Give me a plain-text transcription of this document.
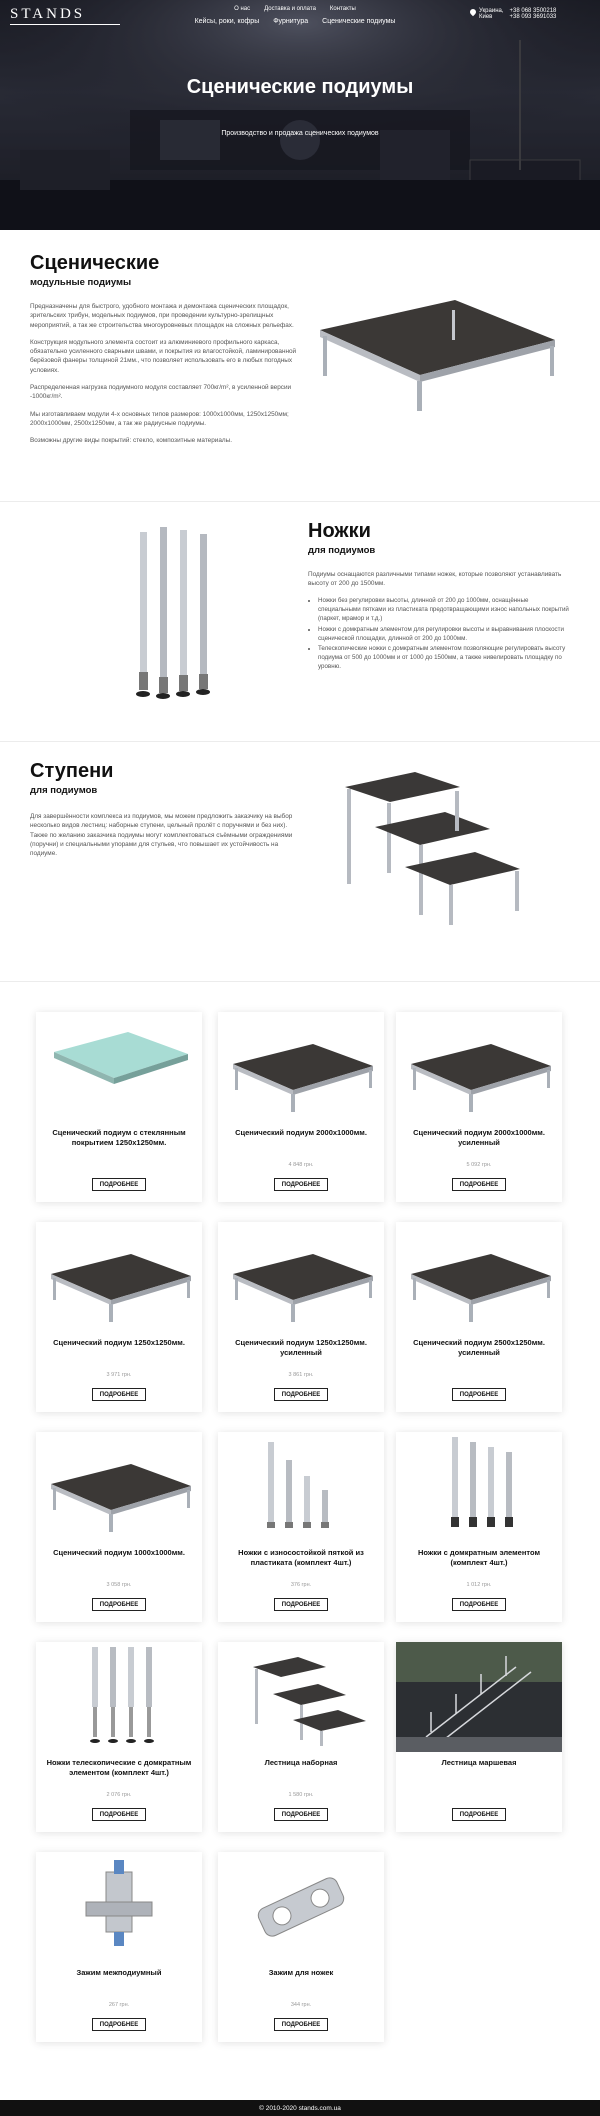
STANDS	О нас Доставка и оплата Контакты
Кейсы, роки, кофры Фурнитура Сценические подиумы
Украина,
Киев
+38 068 3500218
+38 093 3691033
Сценические подиумы
Производство и продажа сценических подиумов
Сценические
модульные подиумы

Предназначены для быстрого, удобного монтажа и демонтажа сценических площадок, зрительских трибун, модельных подиумов, при проведении культурно-зрелищных мероприятий, а так же строительства многоуровневых площадок на сложных рельефах.

Конструкция модульного элемента состоит из алюминиевого профильного каркаса, обязательно усиленного сварными швами, и покрытия из влагостойкой, ламинированной берёзовой фанеры толщиной 21мм., что позволяет использовать его в любых погодных условиях.

Распределенная нагрузка подиумного модуля составляет 700кг/m², в усиленной версии -1000кг/m².

Мы изготавливаем модули 4-х основных типов размеров: 1000х1000мм, 1250х1250мм; 2000х1000мм, 2500х1250мм, а так же радиусные подиумы.

Возможны другие виды покрытий: стекло, композитные материалы.

Ножки
для подиумов

Подиумы оснащаются различными типами ножек, которые позволяют устанавливать высоту от 200 до 1500мм.

• Ножки без регулировки высоты, длинной от 200 до 1000мм, оснащённые специальными пятками из пластиката предотвращающими износ напольных покрытий (паркет, мрамор и т.д.)
• Ножки с домкратным элементом для регулировки высоты и выравнивания плоскости сценической площадки, длинной от 200 до 1000мм.
• Телескопические ножки с домкратным элементом позволяющие регулировать высоту подиума от 500 до 1000мм и от 1000 до 1500мм, а также нивелировать площадку по уровню.
Ступени
для подиумов

Для завершённости комплекса из подиумов, мы можем предложить заказчику на выбор несколько видов лестниц: наборные ступени, цельный пролёт с поручнями и без них). Также по желанию заказчика подиумы могут комплектоваться съёмными ограждениями (поручни) и специальными упорами для стульев, что повышает их устойчивость на подиуме.

Сценический подиум с стеклянным покрытием 1250х1250мм.
ПОДРОБНЕЕ
Сценический подиум 2000х1000мм.
4 848 грн.
ПОДРОБНЕЕ
Сценический подиум 2000х1000мм. усиленный
5 092 грн.
ПОДРОБНЕЕ
Сценический подиум 1250х1250мм.
3 971 грн.
ПОДРОБНЕЕ
Сценический подиум 1250х1250мм. усиленный
3 861 грн.
ПОДРОБНЕЕ
Сценический подиум 2500х1250мм. усиленный
ПОДРОБНЕЕ
Сценический подиум 1000х1000мм.
3 058 грн.
ПОДРОБНЕЕ
Ножки с износостойкой пяткой из пластиката (комплект 4шт.)
376 грн.
ПОДРОБНЕЕ
Ножки с домкратным элементом (комплект 4шт.)
1 012 грн.
ПОДРОБНЕЕ
Ножки телескопические с домкратным элементом (комплект 4шт.)
2 076 грн.
ПОДРОБНЕЕ
Лестница наборная
1 580 грн.
ПОДРОБНЕЕ
Лестница маршевая
ПОДРОБНЕЕ
Зажим межподиумный
267 грн.
ПОДРОБНЕЕ
Зажим для ножек
344 грн.
ПОДРОБНЕЕ
© 2010-2020 stands.com.ua
